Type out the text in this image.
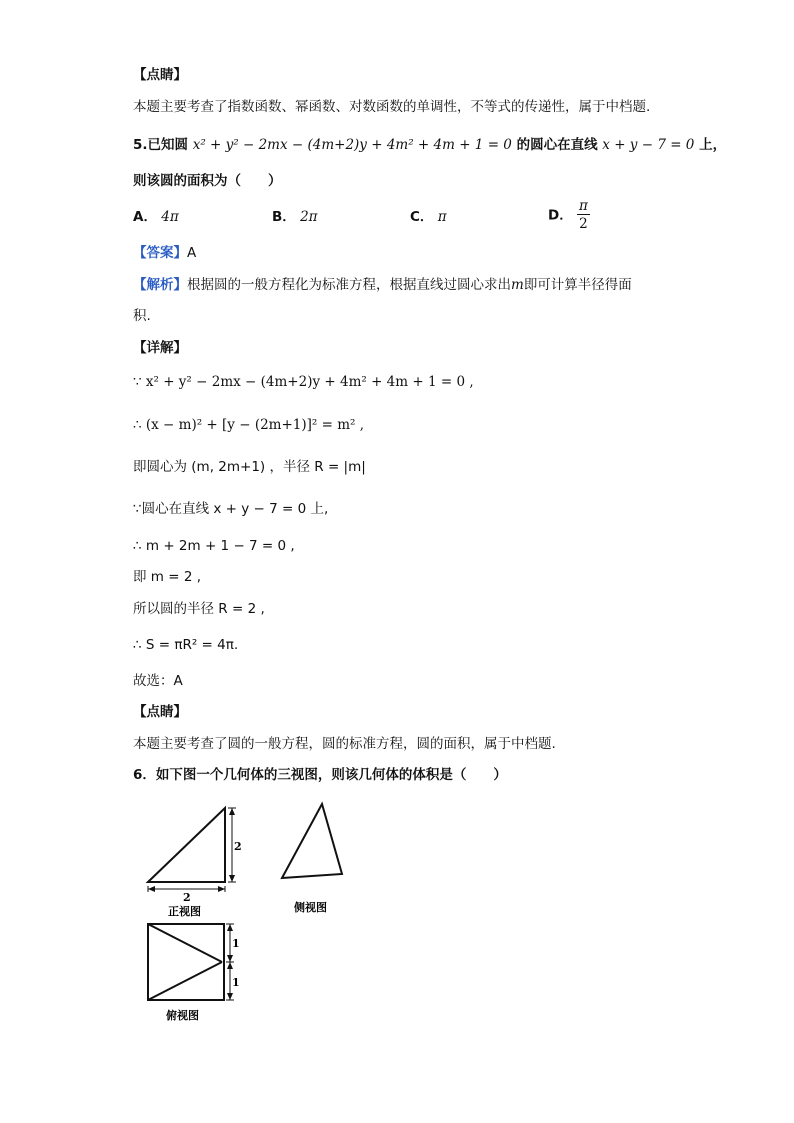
【点睛】
本题主要考查了指数函数、幂函数、对数函数的单调性，不等式的传递性，属于中档题.
5.已知圆 x² + y² − 2mx − (4m+2)y + 4m² + 4m + 1 = 0 的圆心在直线 x + y − 7 = 0 上，
则该圆的面积为（　　）
A． 4π	B． 2π	C． π	D． $\frac{\pi}{2}$
【答案】A
【解析】根据圆的一般方程化为标准方程，根据直线过圆心求出m即可计算半径得面
积.
【详解】
∵ x² + y² − 2mx − (4m+2)y + 4m² + 4m + 1 = 0 ,
∴ (x − m)² + [y − (2m+1)]² = m² ,
即圆心为 (m, 2m+1) ，半径 R = |m|
∵圆心在直线 x + y − 7 = 0 上,
∴ m + 2m + 1 − 7 = 0 ,
即 m = 2 ,
所以圆的半径 R = 2 ,
∴ S = πR² = 4π.
故选：A
【点睛】
本题主要考查了圆的一般方程，圆的标准方程，圆的面积，属于中档题.
6．如下图一个几何体的三视图，则该几何体的体积是（　　）
2
2
正视图	侧视图
1
1
俯视图
